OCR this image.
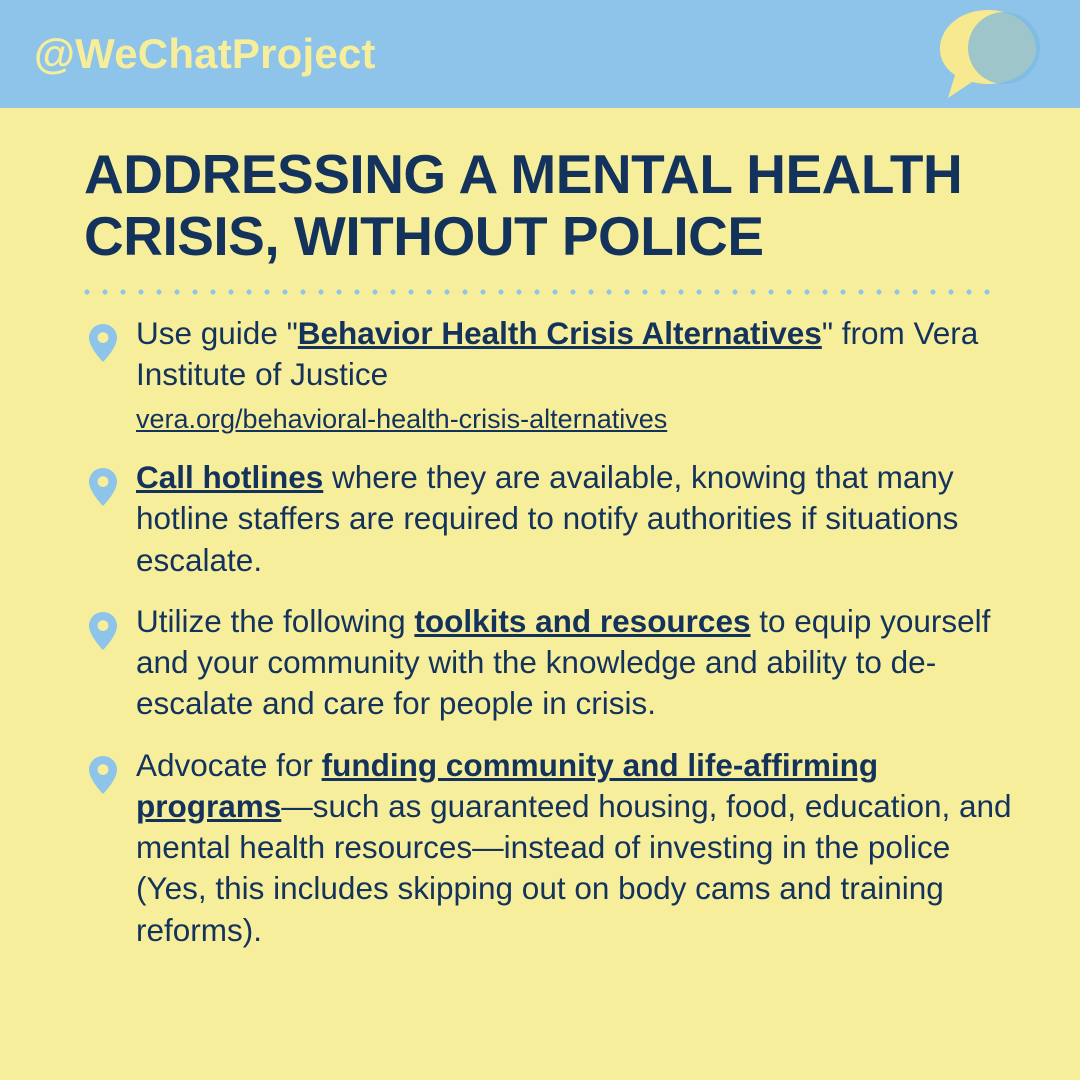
@WeChatProject
ADDRESSING A MENTAL HEALTH CRISIS, WITHOUT POLICE
Use guide "Behavior Health Crisis Alternatives" from Vera Institute of Justice
vera.org/behavioral-health-crisis-alternatives
Call hotlines where they are available, knowing that many hotline staffers are required to notify authorities if situations escalate.
Utilize the following toolkits and resources to equip yourself and your community with the knowledge and ability to de-escalate and care for people in crisis.
Advocate for funding community and life-affirming programs—such as guaranteed housing, food, education, and mental health resources—instead of investing in the police (Yes, this includes skipping out on body cams and training reforms).
